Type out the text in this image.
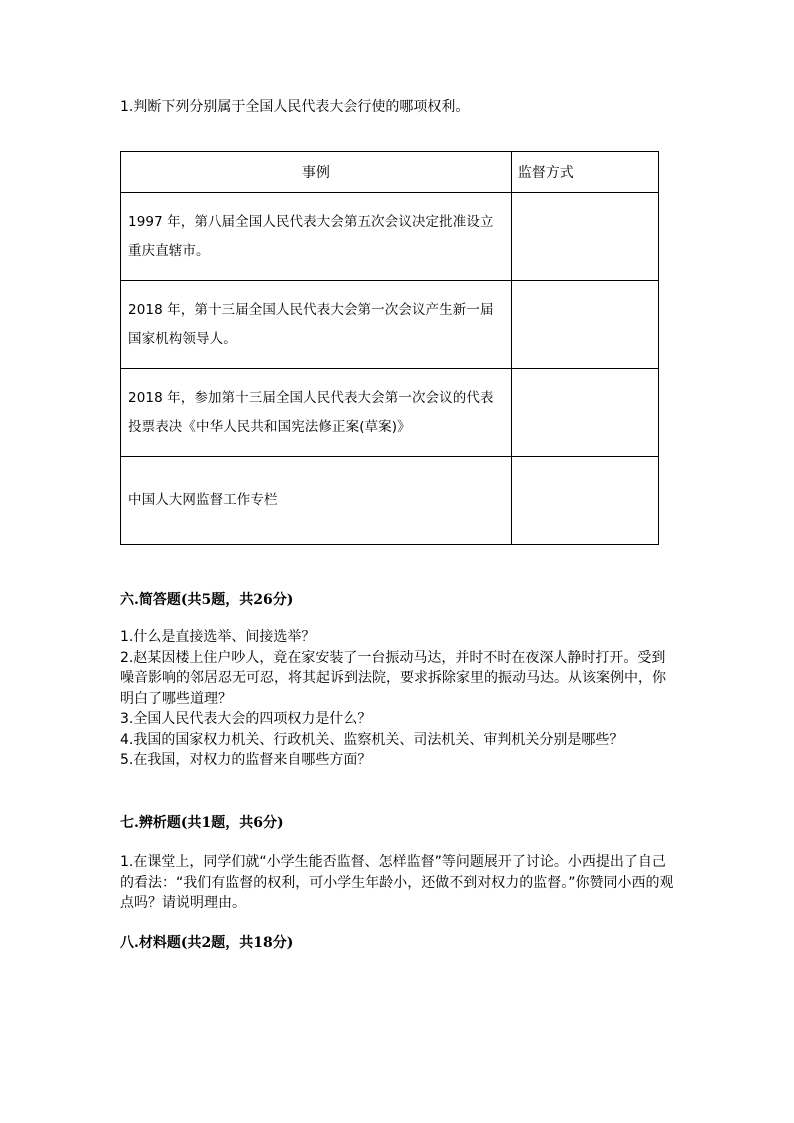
1.判断下列分别属于全国人民代表大会行使的哪项权利。
事例	监督方式
1997 年，第八届全国人民代表大会第五次会议决定批准设立重庆直辖市。	
2018 年，第十三届全国人民代表大会第一次会议产生新一届国家机构领导人。	
2018 年，参加第十三届全国人民代表大会第一次会议的代表投票表决《中华人民共和国宪法修正案(草案)》	
中国人大网监督工作专栏	
六.简答题(共5题，共26分)

1.什么是直接选举、间接选举？

2.赵某因楼上住户吵人，竟在家安装了一台振动马达，并时不时在夜深人静时打开。受到噪音影响的邻居忍无可忍，将其起诉到法院，要求拆除家里的振动马达。从该案例中，你明白了哪些道理？

3.全国人民代表大会的四项权力是什么？

4.我国的国家权力机关、行政机关、监察机关、司法机关、审判机关分别是哪些？

5.在我国，对权力的监督来自哪些方面？

七.辨析题(共1题，共6分)

1.在课堂上，同学们就“小学生能否监督、怎样监督”等问题展开了讨论。小西提出了自己的看法：“我们有监督的权利，可小学生年龄小，还做不到对权力的监督。”你赞同小西的观点吗？请说明理由。

八.材料题(共2题，共18分)
